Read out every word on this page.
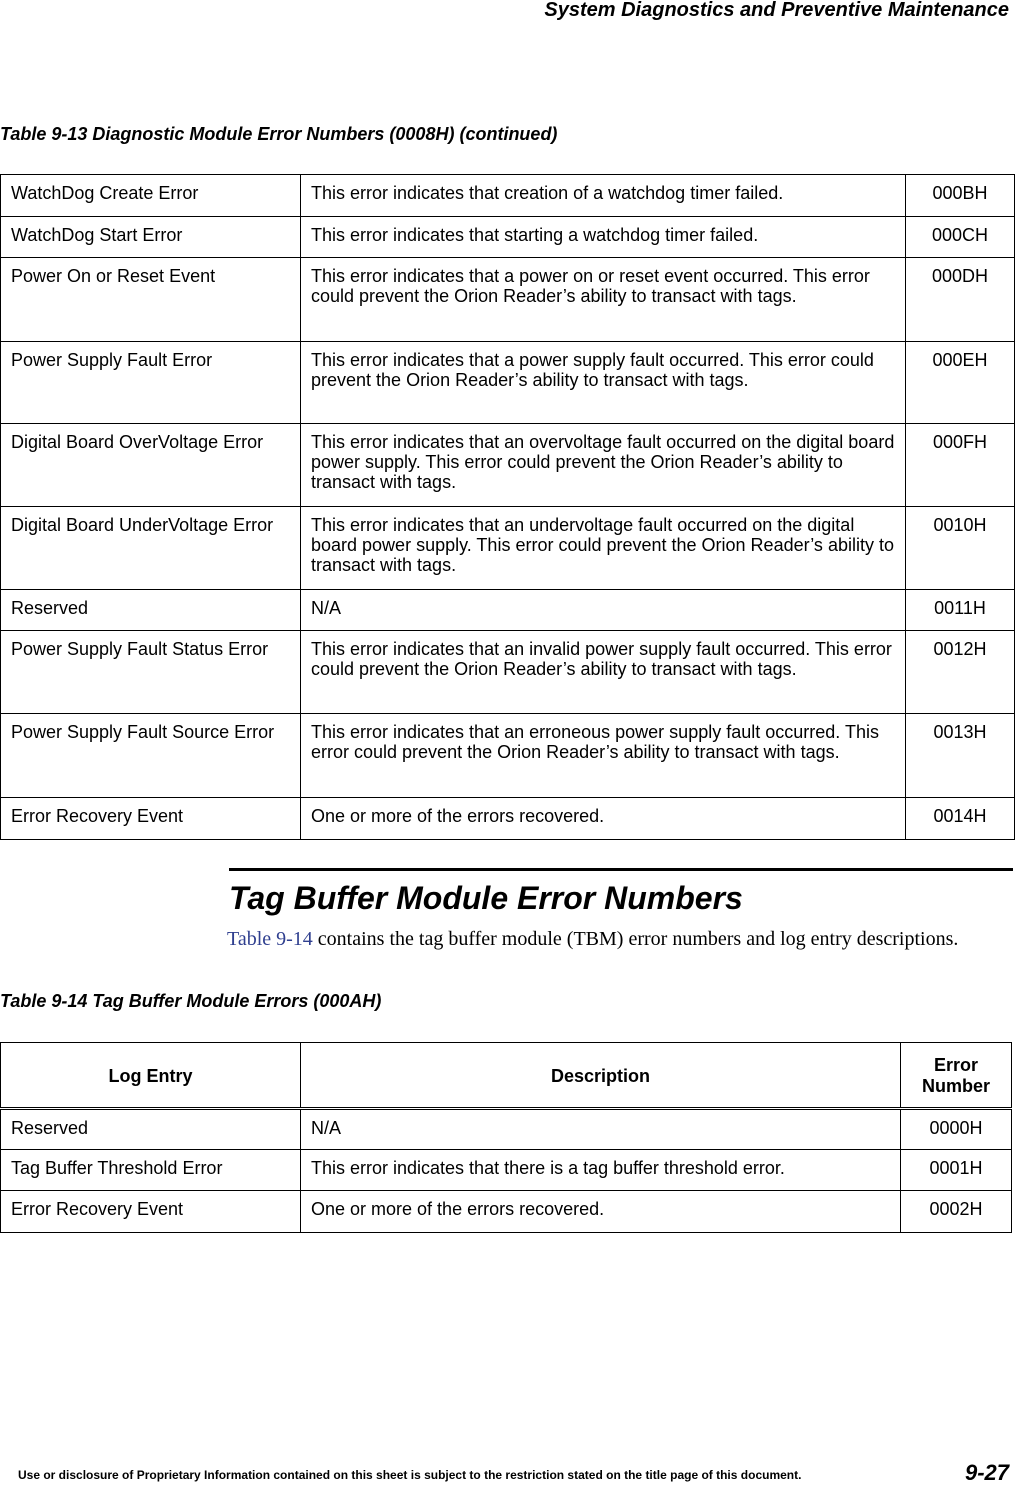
System Diagnostics and Preventive Maintenance
Table 9-13 Diagnostic Module Error Numbers (0008H) (continued)
WatchDog Create Error	This error indicates that creation of a watchdog timer failed.	000BH
WatchDog Start Error	This error indicates that starting a watchdog timer failed.	000CH
Power On or Reset Event	This error indicates that a power on or reset event occurred. This error could prevent the Orion Reader’s ability to transact with tags.	000DH
Power Supply Fault Error	This error indicates that a power supply fault occurred. This error could prevent the Orion Reader’s ability to transact with tags.	000EH
Digital Board OverVoltage Error	This error indicates that an overvoltage fault occurred on the digital board power supply. This error could prevent the Orion Reader’s ability to transact with tags.	000FH
Digital Board UnderVoltage Error	This error indicates that an undervoltage fault occurred on the digital board power supply. This error could prevent the Orion Reader’s ability to transact with tags.	0010H
Reserved	N/A	0011H
Power Supply Fault Status Error	This error indicates that an invalid power supply fault occurred. This error could prevent the Orion Reader’s ability to transact with tags.	0012H
Power Supply Fault Source Error	This error indicates that an erroneous power supply fault occurred. This error could prevent the Orion Reader’s ability to transact with tags.	0013H
Error Recovery Event	One or more of the errors recovered.	0014H
Tag Buffer Module Error Numbers
Table 9-14 contains the tag buffer module (TBM) error numbers and log entry descriptions.
Table 9-14 Tag Buffer Module Errors (000AH)
Log Entry	Description	Error Number
Reserved	N/A	0000H
Tag Buffer Threshold Error	This error indicates that there is a tag buffer threshold error.	0001H
Error Recovery Event	One or more of the errors recovered.	0002H
Use or disclosure of Proprietary Information contained on this sheet is subject to the restriction stated on the title page of this document.	9-27
